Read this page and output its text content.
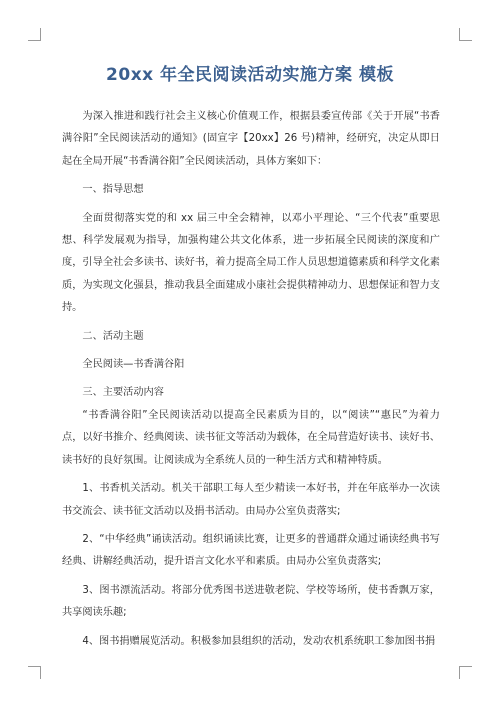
20xx 年全民阅读活动实施方案 模板

为深入推进和践行社会主义核心价值观工作，根据县委宣传部《关于开展“书香满谷阳”全民阅读活动的通知》(固宣字【20xx】26 号)精神，经研究，决定从即日起在全局开展“书香满谷阳”全民阅读活动，具体方案如下：

一、指导思想

全面贯彻落实党的和 xx 届三中全会精神，以邓小平理论、“三个代表”重要思想、科学发展观为指导，加强构建公共文化体系，进一步拓展全民阅读的深度和广度，引导全社会多读书、读好书，着力提高全局工作人员思想道德素质和科学文化素质，为实现文化强县，推动我县全面建成小康社会提供精神动力、思想保证和智力支持。

二、活动主题

全民阅读—书香满谷阳

三、主要活动内容

“书香满谷阳”全民阅读活动以提高全民素质为目的，以“阅读”“惠民”为着力点，以好书推介、经典阅读、读书征文等活动为载体，在全局营造好读书、读好书、读书好的良好氛围。让阅读成为全系统人员的一种生活方式和精神特质。

1、书香机关活动。机关干部职工每人至少精读一本好书，并在年底举办一次读书交流会、读书征文活动以及捐书活动。由局办公室负责落实;

2、“中华经典”诵读活动。组织诵读比赛，让更多的普通群众通过诵读经典书写经典、讲解经典活动，提升语言文化水平和素质。由局办公室负责落实;

3、图书漂流活动。将部分优秀图书送进敬老院、学校等场所，使书香飘万家，共享阅读乐趣;

4、图书捐赠展览活动。积极参加县组织的活动，发动农机系统职工参加图书捐
